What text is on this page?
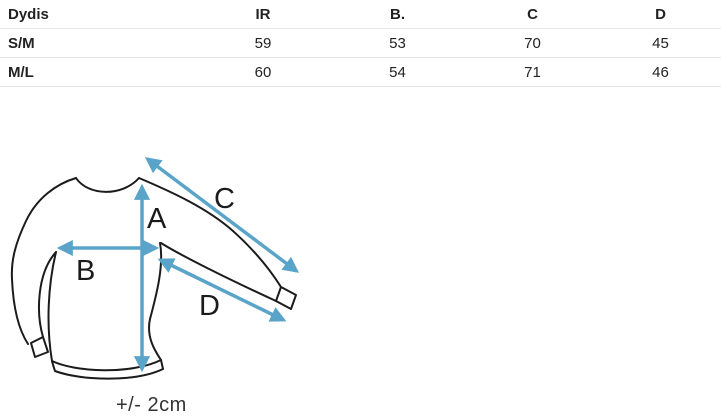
Dydis	IR	B.	C	D
S/M	59	53	70	45
M/L	60	54	71	46
A
B
C
D
+/- 2cm
